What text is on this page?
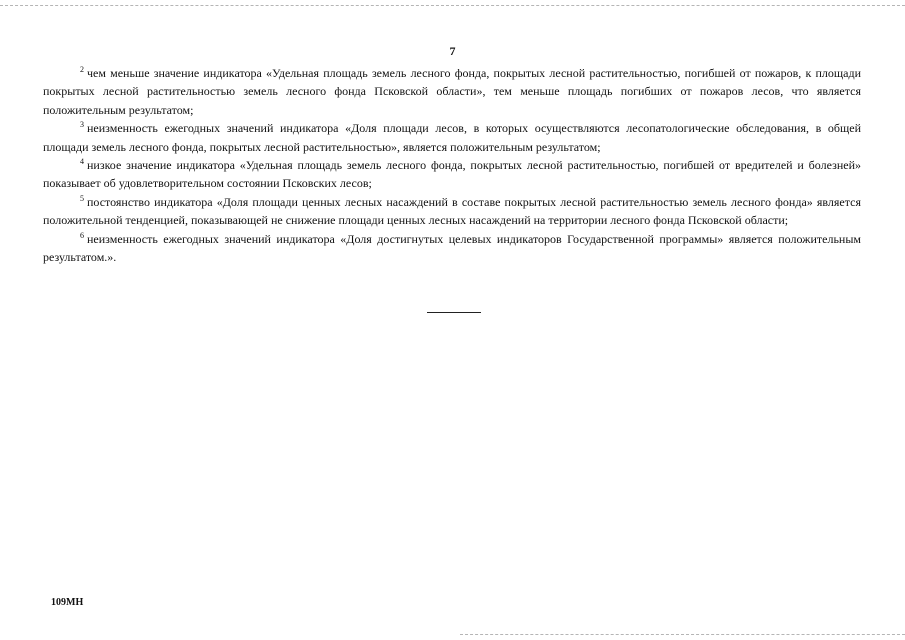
7

$^2$ чем меньше значение индикатора «Удельная площадь земель лесного фонда, покрытых лесной растительностью, погибшей от пожаров, к площади покрытых лесной растительностью земель лесного фонда Псковской области», тем меньше площадь погибших от пожаров лесов, что является положительным результатом;

$^3$ неизменность ежегодных значений индикатора «Доля площади лесов, в которых осуществляются лесопатологические обследования, в общей площади земель лесного фонда, покрытых лесной растительностью», является положительным результатом;

$^4$ низкое значение индикатора «Удельная площадь земель лесного фонда, покрытых лесной растительностью, погибшей от вредителей и болезней» показывает об удовлетворительном состоянии Псковских лесов;

$^5$ постоянство индикатора «Доля площади ценных лесных насаждений в составе покрытых лесной растительностью земель лесного фонда» является положительной тенденцией, показывающей не снижение площади ценных лесных насаждений на территории лесного фонда Псковской области;

$^6$ неизменность ежегодных значений индикатора «Доля достигнутых целевых индикаторов Государственной программы» является положительным результатом.».

109МН
